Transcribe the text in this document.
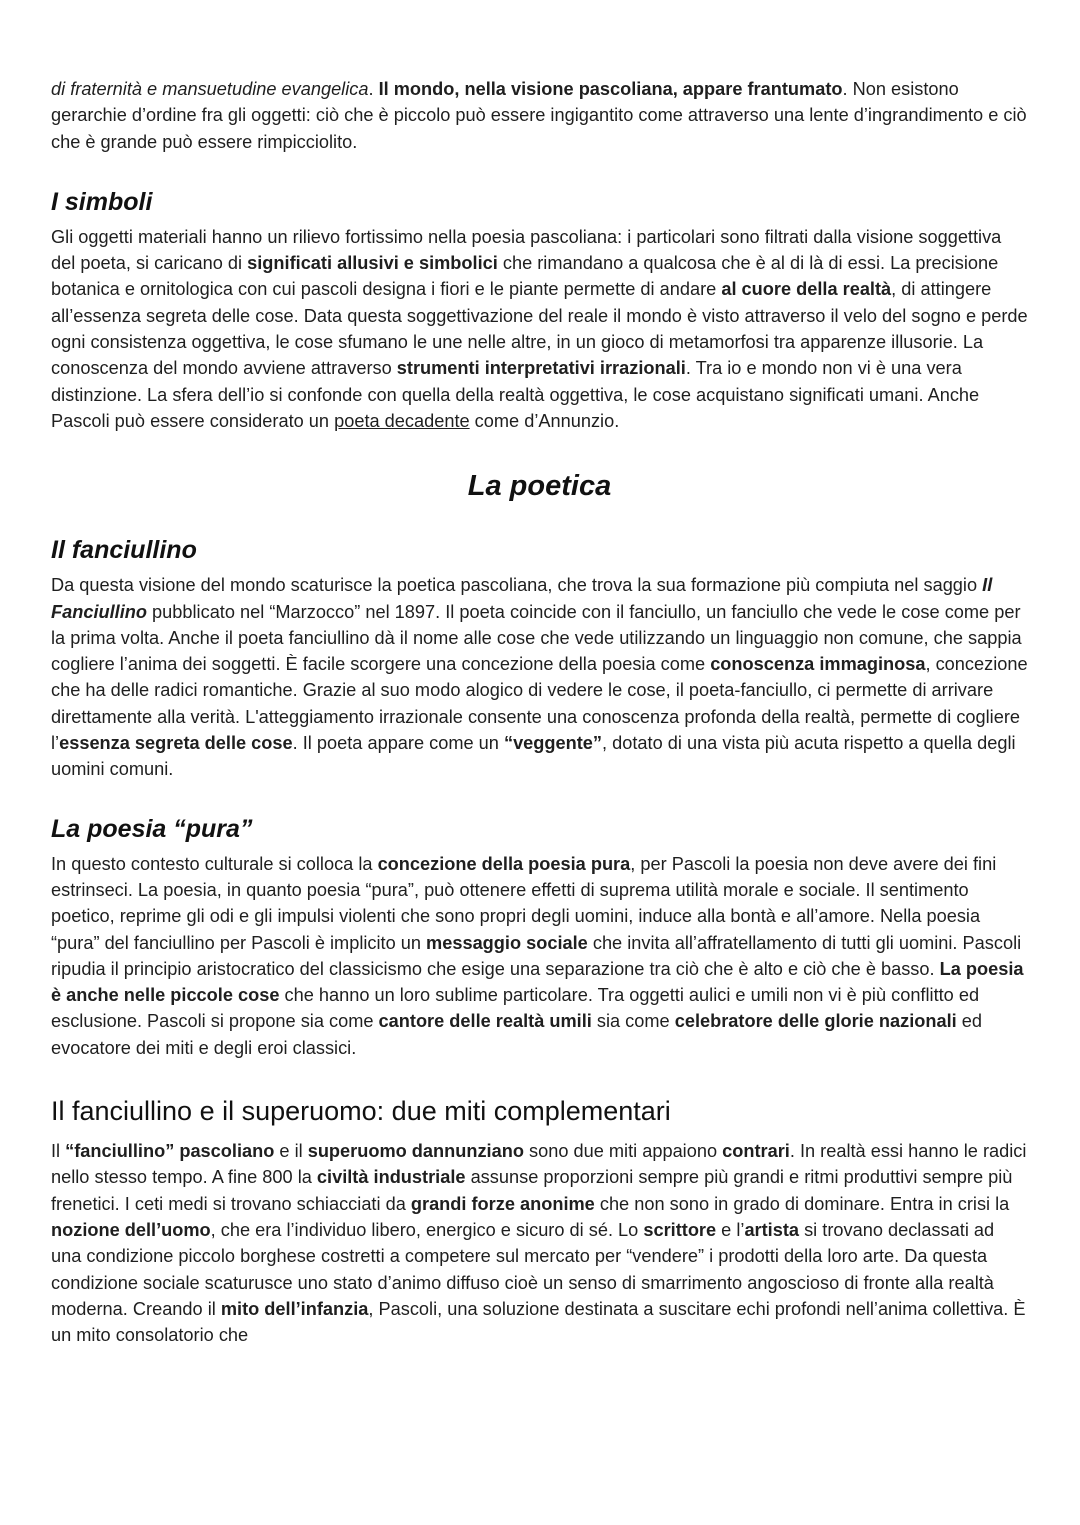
di fraternità e mansuetudine evangelica. Il mondo, nella visione pascoliana, appare frantumato. Non esistono gerarchie d’ordine fra gli oggetti: ciò che è piccolo può essere ingigantito come attraverso una lente d’ingrandimento e ciò che è grande può essere rimpicciolito.

I simboli

Gli oggetti materiali hanno un rilievo fortissimo nella poesia pascoliana: i particolari sono filtrati dalla visione soggettiva del poeta, si caricano di significati allusivi e simbolici che rimandano a qualcosa che è al di là di essi. La precisione botanica e ornitologica con cui pascoli designa i fiori e le piante permette di andare al cuore della realtà, di attingere all’essenza segreta delle cose. Data questa soggettivazione del reale il mondo è visto attraverso il velo del sogno e perde ogni consistenza oggettiva, le cose sfumano le une nelle altre, in un gioco di metamorfosi tra apparenze illusorie. La conoscenza del mondo avviene attraverso strumenti interpretativi irrazionali. Tra io e mondo non vi è una vera distinzione. La sfera dell’io si confonde con quella della realtà oggettiva, le cose acquistano significati umani. Anche Pascoli può essere considerato un poeta decadente come d’Annunzio.

La poetica
Il fanciullino

Da questa visione del mondo scaturisce la poetica pascoliana, che trova la sua formazione più compiuta nel saggio Il Fanciullino pubblicato nel “Marzocco” nel 1897. Il poeta coincide con il fanciullo, un fanciullo che vede le cose come per la prima volta. Anche il poeta fanciullino dà il nome alle cose che vede utilizzando un linguaggio non comune, che sappia cogliere l’anima dei soggetti. È facile scorgere una concezione della poesia come conoscenza immaginosa, concezione che ha delle radici romantiche. Grazie al suo modo alogico di vedere le cose, il poeta-fanciullo, ci permette di arrivare direttamente alla verità. L'atteggiamento irrazionale consente una conoscenza profonda della realtà, permette di cogliere l’essenza segreta delle cose. Il poeta appare come un “veggente”, dotato di una vista più acuta rispetto a quella degli uomini comuni.

La poesia “pura”

In questo contesto culturale si colloca la concezione della poesia pura, per Pascoli la poesia non deve avere dei fini estrinseci. La poesia, in quanto poesia “pura”, può ottenere effetti di suprema utilità morale e sociale. Il sentimento poetico, reprime gli odi e gli impulsi violenti che sono propri degli uomini, induce alla bontà e all’amore. Nella poesia “pura” del fanciullino per Pascoli è implicito un messaggio sociale che invita all’affratellamento di tutti gli uomini. Pascoli ripudia il principio aristocratico del classicismo che esige una separazione tra ciò che è alto e ciò che è basso. La poesia è anche nelle piccole cose che hanno un loro sublime particolare. Tra oggetti aulici e umili non vi è più conflitto ed esclusione. Pascoli si propone sia come cantore delle realtà umili sia come celebratore delle glorie nazionali ed evocatore dei miti e degli eroi classici.

Il fanciullino e il superuomo: due miti complementari

Il “fanciullino” pascoliano e il superuomo dannunziano sono due miti appaiono contrari. In realtà essi hanno le radici nello stesso tempo. A fine 800 la civiltà industriale assunse proporzioni sempre più grandi e ritmi produttivi sempre più frenetici. I ceti medi si trovano schiacciati da grandi forze anonime che non sono in grado di dominare. Entra in crisi la nozione dell’uomo, che era l’individuo libero, energico e sicuro di sé. Lo scrittore e l’artista si trovano declassati ad una condizione piccolo borghese costretti a competere sul mercato per “vendere” i prodotti della loro arte. Da questa condizione sociale scaturusce uno stato d’animo diffuso cioè un senso di smarrimento angoscioso di fronte alla realtà moderna. Creando il mito dell’infanzia, Pascoli, una soluzione destinata a suscitare echi profondi nell’anima collettiva. È un mito consolatorio che
